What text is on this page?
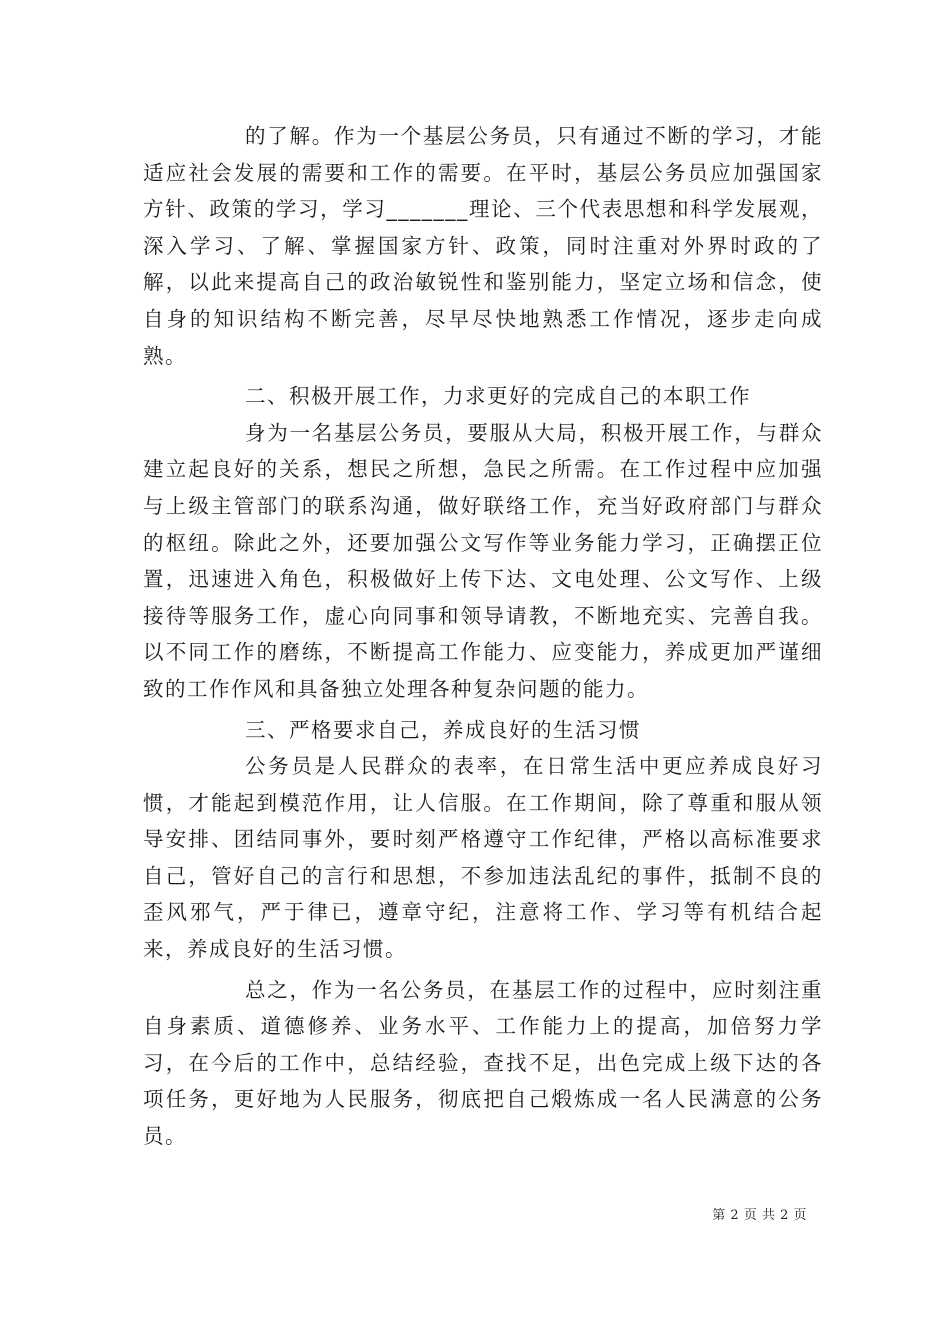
的了解。作为一个基层公务员，只有通过不断的学习，才能适应社会发展的需要和工作的需要。在平时，基层公务员应加强国家方针、政策的学习，学习_______理论、三个代表思想和科学发展观，深入学习、了解、掌握国家方针、政策，同时注重对外界时政的了解，以此来提高自己的政治敏锐性和鉴别能力，坚定立场和信念，使自身的知识结构不断完善，尽早尽快地熟悉工作情况，逐步走向成熟。

二、积极开展工作，力求更好的完成自己的本职工作

身为一名基层公务员，要服从大局，积极开展工作，与群众建立起良好的关系，想民之所想，急民之所需。在工作过程中应加强与上级主管部门的联系沟通，做好联络工作，充当好政府部门与群众的枢纽。除此之外，还要加强公文写作等业务能力学习，正确摆正位置，迅速进入角色，积极做好上传下达、文电处理、公文写作、上级接待等服务工作，虚心向同事和领导请教，不断地充实、完善自我。以不同工作的磨练，不断提高工作能力、应变能力，养成更加严谨细致的工作作风和具备独立处理各种复杂问题的能力。

三、严格要求自己，养成良好的生活习惯

公务员是人民群众的表率，在日常生活中更应养成良好习惯，才能起到模范作用，让人信服。在工作期间，除了尊重和服从领导安排、团结同事外，要时刻严格遵守工作纪律，严格以高标准要求自己，管好自己的言行和思想，不参加违法乱纪的事件，抵制不良的歪风邪气，严于律已，遵章守纪，注意将工作、学习等有机结合起来，养成良好的生活习惯。

总之，作为一名公务员，在基层工作的过程中，应时刻注重自身素质、道德修养、业务水平、工作能力上的提高，加倍努力学习，在今后的工作中，总结经验，查找不足，出色完成上级下达的各项任务，更好地为人民服务，彻底把自己煅炼成一名人民满意的公务员。

第 2 页 共 2 页
